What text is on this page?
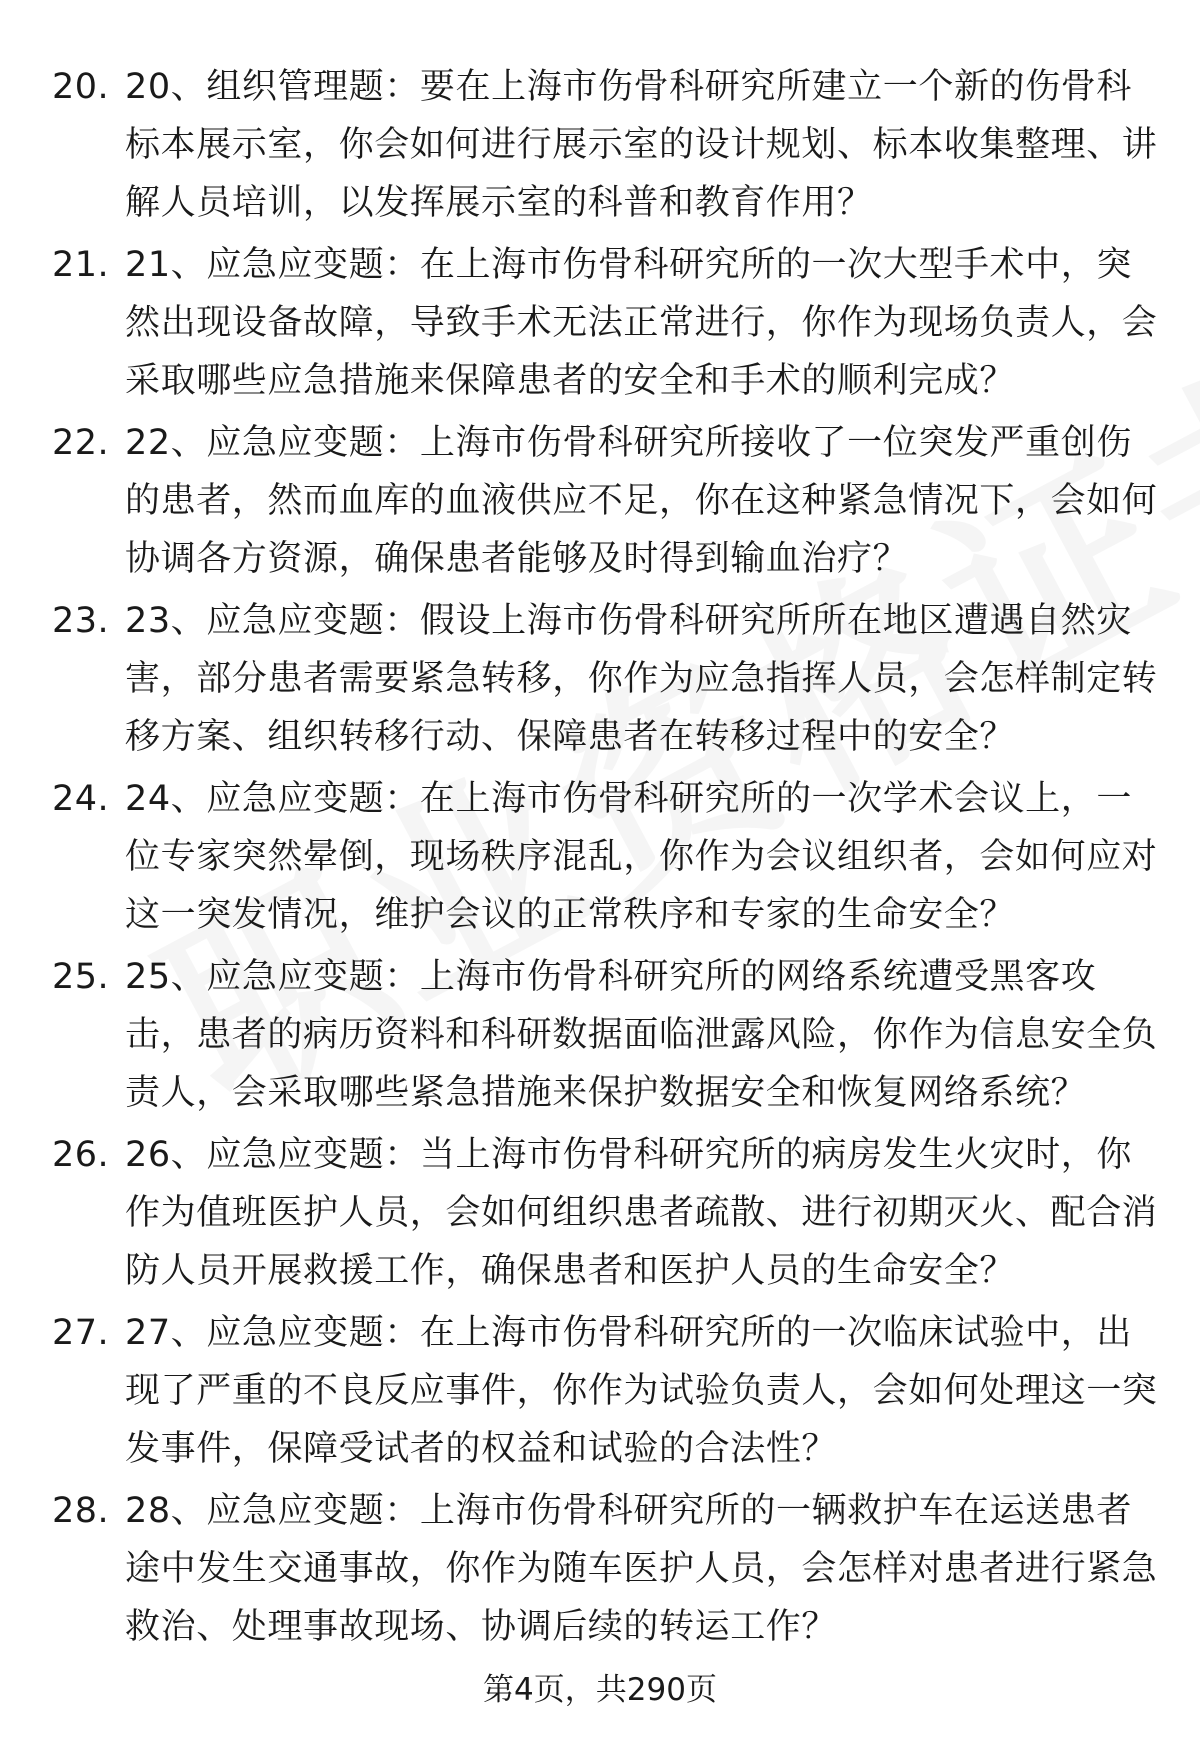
20. 20、组织管理题：要在上海市伤骨科研究所建立一个新的伤骨科标本展示室，你会如何进行展示室的设计规划、标本收集整理、讲解人员培训，以发挥展示室的科普和教育作用？
21. 21、应急应变题：在上海市伤骨科研究所的一次大型手术中，突然出现设备故障，导致手术无法正常进行，你作为现场负责人，会采取哪些应急措施来保障患者的安全和手术的顺利完成？
22. 22、应急应变题：上海市伤骨科研究所接收了一位突发严重创伤的患者，然而血库的血液供应不足，你在这种紧急情况下，会如何协调各方资源，确保患者能够及时得到输血治疗？
23. 23、应急应变题：假设上海市伤骨科研究所所在地区遭遇自然灾害，部分患者需要紧急转移，你作为应急指挥人员，会怎样制定转移方案、组织转移行动、保障患者在转移过程中的安全？
24. 24、应急应变题：在上海市伤骨科研究所的一次学术会议上，一位专家突然晕倒，现场秩序混乱，你作为会议组织者，会如何应对这一突发情况，维护会议的正常秩序和专家的生命安全？
25. 25、应急应变题：上海市伤骨科研究所的网络系统遭受黑客攻击，患者的病历资料和科研数据面临泄露风险，你作为信息安全负责人，会采取哪些紧急措施来保护数据安全和恢复网络系统？
26. 26、应急应变题：当上海市伤骨科研究所的病房发生火灾时，你作为值班医护人员，会如何组织患者疏散、进行初期灭火、配合消防人员开展救援工作，确保患者和医护人员的生命安全？
27. 27、应急应变题：在上海市伤骨科研究所的一次临床试验中，出现了严重的不良反应事件，你作为试验负责人，会如何处理这一突发事件，保障受试者的权益和试验的合法性？
28. 28、应急应变题：上海市伤骨科研究所的一辆救护车在运送患者途中发生交通事故，你作为随车医护人员，会怎样对患者进行紧急救治、处理事故现场、协调后续的转运工作？
第4页，共290页
